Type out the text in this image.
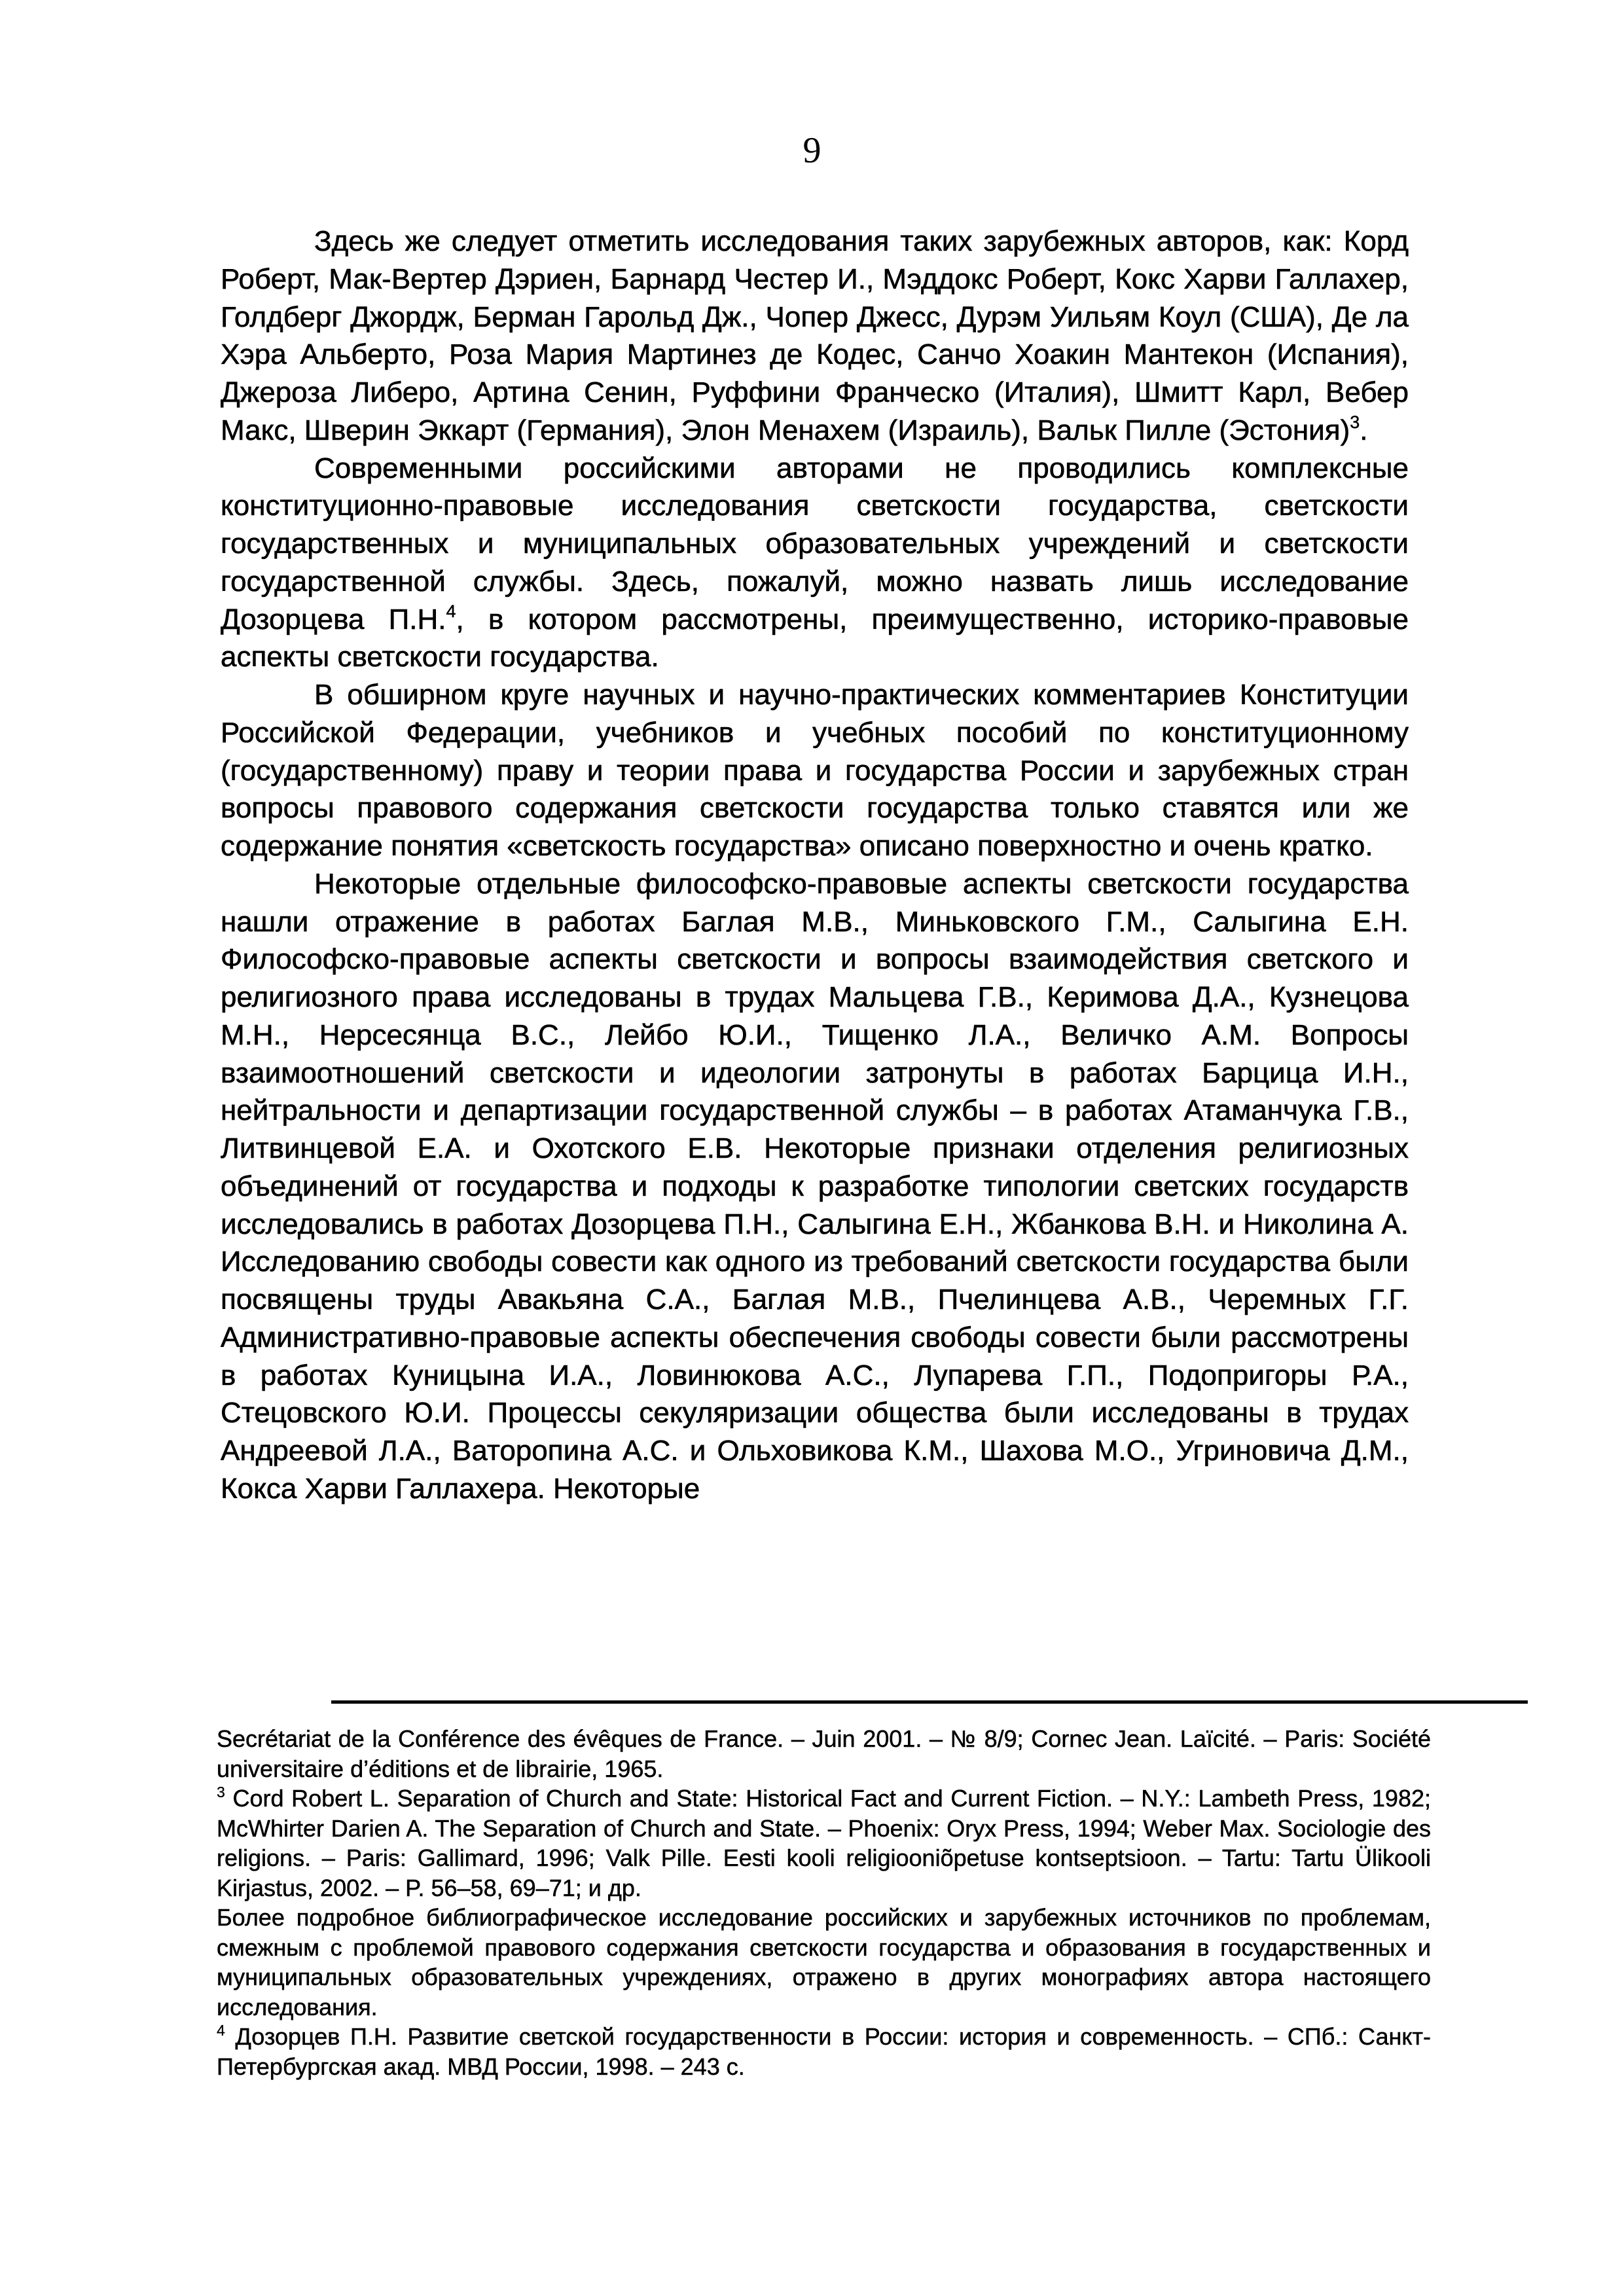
9

Здесь же следует отметить исследования таких зарубежных авторов, как: Корд Роберт, Мак-Вертер Дэриен, Барнард Честер И., Мэддокс Роберт, Кокс Харви Галлахер, Голдберг Джордж, Берман Гарольд Дж., Чопер Джесс, Дурэм Уильям Коул (США), Де ла Хэра Альберто, Роза Мария Мартинез де Кодес, Санчо Хоакин Мантекон (Испания), Джероза Либеро, Артина Сенин, Руффини Франческо (Италия), Шмитт Карл, Вебер Макс, Шверин Эккарт (Германия), Элон Менахем (Израиль), Вальк Пилле (Эстония)$^3$.

Современными российскими авторами не проводились комплексные конституционно-правовые исследования светскости государства, светскости государственных и муниципальных образовательных учреждений и светскости государственной службы. Здесь, пожалуй, можно назвать лишь исследование Дозорцева П.Н.$^4$, в котором рассмотрены, преимущественно, историко-правовые аспекты светскости государства.

В обширном круге научных и научно-практических комментариев Конституции Российской Федерации, учебников и учебных пособий по конституционному (государственному) праву и теории права и государства России и зарубежных стран вопросы правового содержания светскости государства только ставятся или же содержание понятия «светскость государства» описано поверхностно и очень кратко.

Некоторые отдельные философско-правовые аспекты светскости государства нашли отражение в работах Баглая М.В., Миньковского Г.М., Салыгина Е.Н. Философско-правовые аспекты светскости и вопросы взаимодействия светского и религиозного права исследованы в трудах Мальцева Г.В., Керимова Д.А., Кузнецова М.Н., Нерсесянца В.С., Лейбо Ю.И., Тищенко Л.А., Величко А.М. Вопросы взаимоотношений светскости и идеологии затронуты в работах Барцица И.Н., нейтральности и департизации государственной службы – в работах Атаманчука Г.В., Литвинцевой Е.А. и Охотского Е.В. Некоторые признаки отделения религиозных объединений от государства и подходы к разработке типологии светских государств исследовались в работах Дозорцева П.Н., Салыгина Е.Н., Жбанкова В.Н. и Николина А. Исследованию свободы совести как одного из требований светскости государства были посвящены труды Авакьяна С.А., Баглая М.В., Пчелинцева А.В., Черемных Г.Г. Административно-правовые аспекты обеспечения свободы совести были рассмотрены в работах Куницына И.А., Ловинюкова А.С., Лупарева Г.П., Подопригоры Р.А., Стецовского Ю.И. Процессы секуляризации общества были исследованы в трудах Андреевой Л.А., Ваторопина А.С. и Ольховикова К.М., Шахова М.О., Угриновича Д.М., Кокса Харви Галлахера. Некоторые

Secrétariat de la Conférence des évêques de France. – Juin 2001. – № 8/9; Cornec Jean. Laïcité. – Paris: Société universitaire d’éditions et de librairie, 1965.

$^3$ Cord Robert L. Separation of Church and State: Historical Fact and Current Fiction. – N.Y.: Lambeth Press, 1982; McWhirter Darien A. The Separation of Church and State. – Phoenix: Oryx Press, 1994; Weber Max. Sociologie des religions. – Paris: Gallimard, 1996; Valk Pille. Eesti kooli religiooniõpetuse kontseptsioon. – Tartu: Tartu Ülikooli Kirjastus, 2002. – P. 56–58, 69–71; и др.

Более подробное библиографическое исследование российских и зарубежных источников по проблемам, смежным с проблемой правового содержания светскости государства и образования в государственных и муниципальных образовательных учреждениях, отражено в других монографиях автора настоящего исследования.

$^4$ Дозорцев П.Н. Развитие светской государственности в России: история и современность. – СПб.: Санкт-Петербургская акад. МВД России, 1998. – 243 с.
